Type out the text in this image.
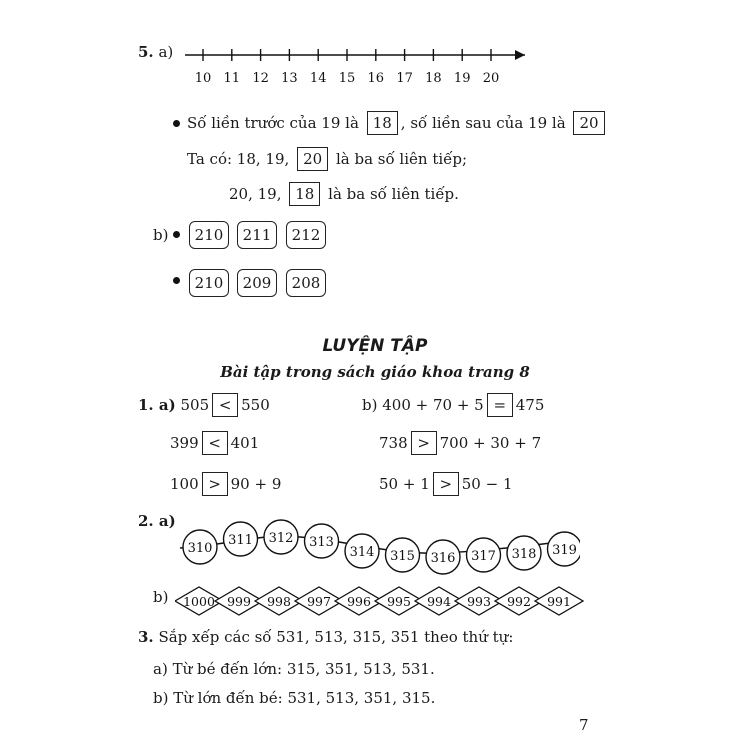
5. a)
10 11 12 13 14 15 16 17 18 19 20
Số liền trước của 19 là 18 , số liền sau của 19 là 20
Ta có: 18, 19, 20 là ba số liên tiếp;
20, 19, 18 là ba số liên tiếp.
b)	210	211	212
210	209	208
LUYỆN TẬP
Bài tập trong sách giáo khoa trang 8
1. a) 505 < 550
399 < 401
100 > 90 + 9
b) 400 + 70 + 5 = 475
738 > 700 + 30 + 7
50 + 1 > 50 − 1
2. a)
310
311 312 313
314 315 316 317 318 319
b) 1000 999 998 997 996 995 994 993 992 991
3. Sắp xếp các số 531, 513, 315, 351 theo thứ tự:
a) Từ bé đến lớn: 315, 351, 513, 531.
b) Từ lớn đến bé: 531, 513, 351, 315.
7
